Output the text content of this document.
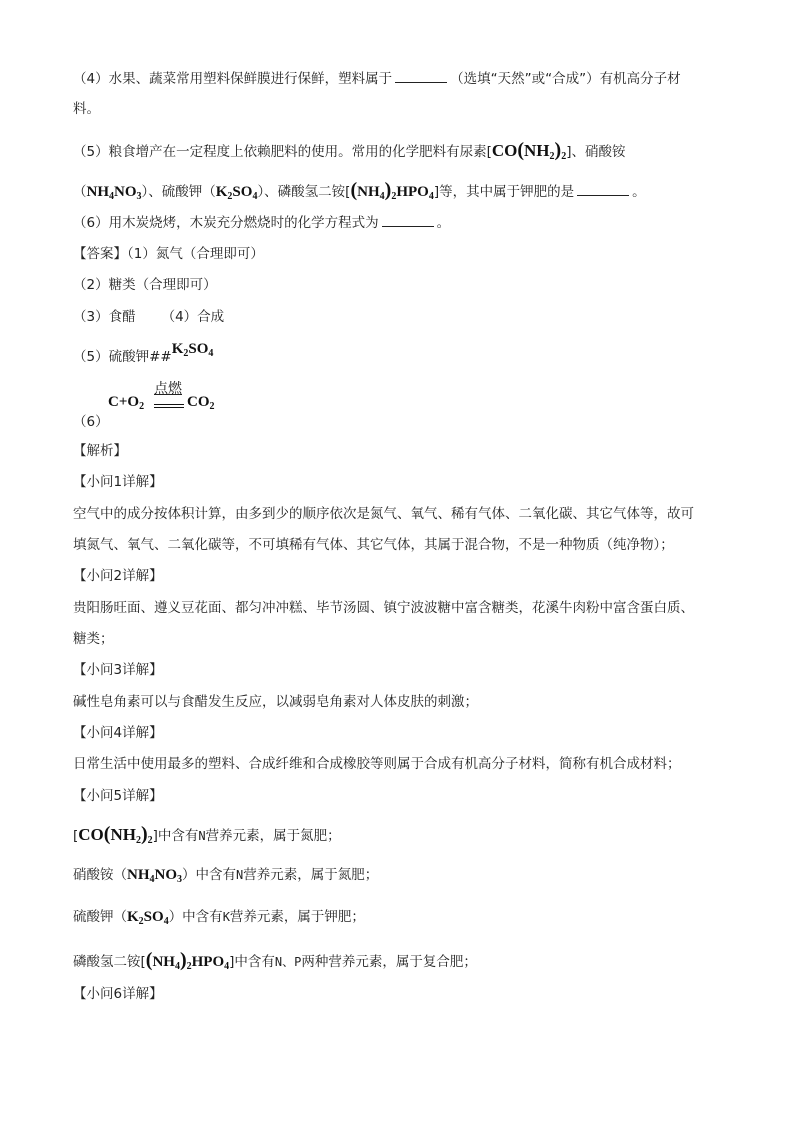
（4）水果、蔬菜常用塑料保鲜膜进行保鲜，塑料属于	（选填“天然”或“合成”）有机高分子材
料。
（5）粮食增产在一定程度上依赖肥料的使用。常用的化学肥料有尿素$[CO(NH_2)_2]$、硝酸铵
$(NH_4NO_3)$、硫酸钾$(K_2SO_4)$、磷酸氢二铵$[(NH_4)_2HPO_4]$等，其中属于钾肥的是	。
（6）用木炭烧烤，木炭充分燃烧时的化学方程式为	。
【答案】（1）氮气（合理即可）
（2）糖类（合理即可）
（3）食醋 （4）合成
（5）硫酸钾$\#\#K_2SO_4$
点燃
$C+O_2$	$CO_2$
（6）
【解析】
【小问1详解】
空气中的成分按体积计算，由多到少的顺序依次是氮气、氧气、稀有气体、二氧化碳、其它气体等，故可
填氮气、氧气、二氧化碳等，不可填稀有气体、其它气体，其属于混合物，不是一种物质（纯净物）；
【小问2详解】
贵阳肠旺面、遵义豆花面、都匀冲冲糕、毕节汤圆、镇宁波波糖中富含糖类，花溪牛肉粉中富含蛋白质、
糖类；
【小问3详解】
碱性皂角素可以与食醋发生反应，以减弱皂角素对人体皮肤的刺激；
【小问4详解】
日常生活中使用最多的塑料、合成纤维和合成橡胶等则属于合成有机高分子材料，简称有机合成材料；
【小问5详解】
$[CO(NH_2)_2]$中含有N营养元素，属于氮肥；
硝酸铵$(NH_4NO_3)$中含有N营养元素，属于氮肥；
硫酸钾$(K_2SO_4)$中含有K营养元素，属于钾肥；
磷酸氢二铵$[(NH_4)_2HPO_4]$中含有N、P两种营养元素，属于复合肥；
【小问6详解】
